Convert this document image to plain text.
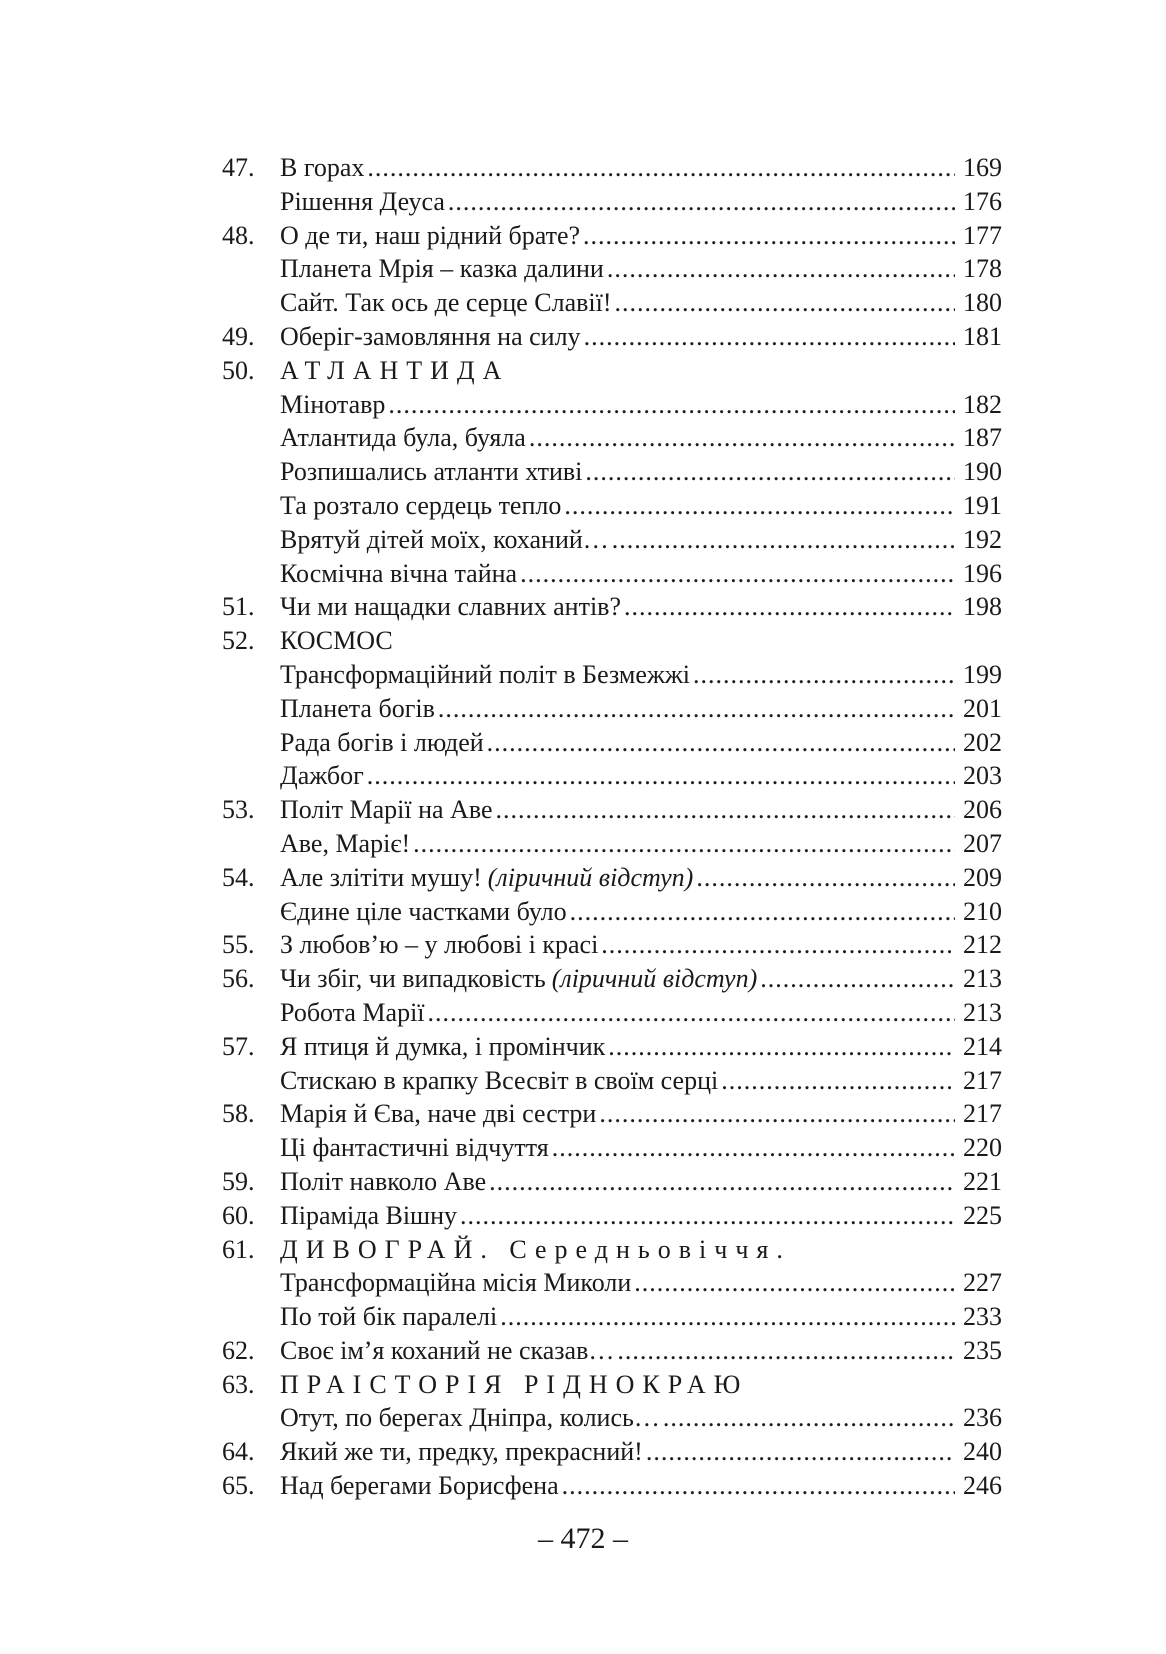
47. В горах .....	169
Рішення Деуса .....	176
48. О де ти, наш рідний брате? .....	177
Планета Мрія – казка далини .....	178
Сайт. Так ось де серце Славії! .....	180
49. Оберіг-замовляння на силу .....	181
50. АТЛАНТИДА
Мінотавр .....	182
Атлантида була, буяла .....	187
Розпишались атланти хтиві .....	190
Та розтало сердець тепло .....	191
Врятуй дітей моїх, коханий… .....	192
Космічна вічна тайна .....	196
51. Чи ми нащадки славних антів? .....	198
52. КОСМОС
Трансформаційний політ в Безмежжі .....	199
Планета богів .....	201
Рада богів і людей .....	202
Дажбог .....	203
53. Політ Марії на Аве .....	206
Аве, Маріє! .....	207
54. Але злітіти мушу! (ліричний відступ) .....	209
Єдине ціле частками було .....	210
55. З любов’ю – у любові і красі .....	212
56. Чи збіг, чи випадковість (ліричний відступ) .....	213
Робота Марії .....	213
57. Я птиця й думка, і промінчик .....	214
Стискаю в крапку Всесвіт в своїм серці .....	217
58. Марія й Єва, наче дві сестри .....	217
Ці фантастичні відчуття .....	220
59. Політ навколо Аве .....	221
60. Піраміда Вішну .....	225
61. ДИВОГРАЙ. Середньовіччя.
Трансформаційна місія Миколи .....	227
По той бік паралелі .....	233
62. Своє ім’я коханий не сказав… .....	235
63. ПРАІСТОРІЯ РІДНОКРАЮ
Отут, по берегах Дніпра, колись… .....	236
64. Який же ти, предку, прекрасний! .....	240
65. Над берегами Борисфена .....	246
– 472 –
